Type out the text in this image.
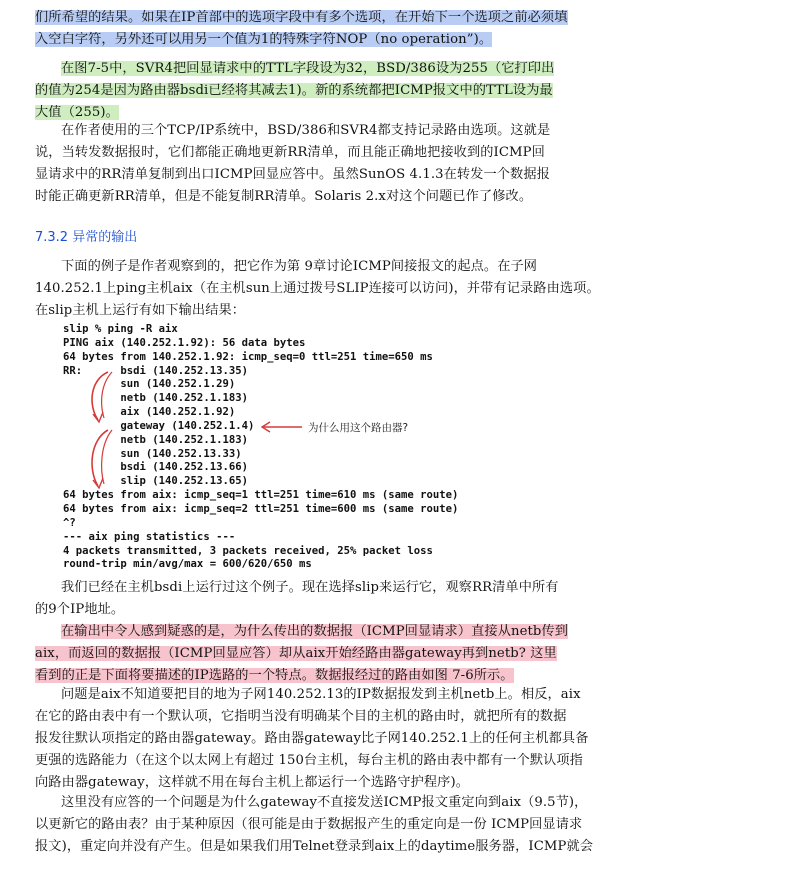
们所希望的结果。如果在IP首部中的选项字段中有多个选项，在开始下一个选项之前必须填
入空白字符，另外还可以用另一个值为1的特殊字符NOP（no operation”)。
在图7-5中，SVR4把回显请求中的TTL字段设为32，BSD/386设为255（它打印出
的值为254是因为路由器bsdi已经将其减去1)。新的系统都把ICMP报文中的TTL设为最
大值（255)。
在作者使用的三个TCP/IP系统中，BSD/386和SVR4都支持记录路由选项。这就是
说，当转发数据报时，它们都能正确地更新RR清单，而且能正确地把接收到的ICMP回
显请求中的RR清单复制到出口ICMP回显应答中。虽然SunOS 4.1.3在转发一个数据报
时能正确更新RR清单，但是不能复制RR清单。Solaris 2.x对这个问题已作了修改。
7.3.2 异常的输出
下面的例子是作者观察到的，把它作为第 9章讨论ICMP间接报文的起点。在子网
140.252.1上ping主机aix（在主机sun上通过拨号SLIP连接可以访问)，并带有记录路由选项。
在slip主机上运行有如下输出结果：
slip % ping -R aix
PING aix (140.252.1.92): 56 data bytes
64 bytes from 140.252.1.92: icmp_seq=0 ttl=251 time=650 ms
RR:      bsdi (140.252.13.35)
sun (140.252.1.29)
netb (140.252.1.183)
aix (140.252.1.92)
gateway (140.252.1.4)
netb (140.252.1.183)
sun (140.252.13.33)
bsdi (140.252.13.66)
slip (140.252.13.65)
64 bytes from aix: icmp_seq=1 ttl=251 time=610 ms (same route)
64 bytes from aix: icmp_seq=2 ttl=251 time=600 ms (same route)
^?
--- aix ping statistics ---
4 packets transmitted, 3 packets received, 25% packet loss
round-trip min/avg/max = 600/620/650 ms
为什么用这个路由器?
我们已经在主机bsdi上运行过这个例子。现在选择slip来运行它，观察RR清单中所有
的9个IP地址。
在输出中令人感到疑惑的是，为什么传出的数据报（ICMP回显请求）直接从netb传到
aix，而返回的数据报（ICMP回显应答）却从aix开始经路由器gateway再到netb? 这里
看到的正是下面将要描述的IP选路的一个特点。数据报经过的路由如图 7-6所示。
问题是aix不知道要把目的地为子网140.252.13的IP数据报发到主机netb上。相反，aix
在它的路由表中有一个默认项，它指明当没有明确某个目的主机的路由时，就把所有的数据
报发往默认项指定的路由器gateway。路由器gateway比子网140.252.1上的任何主机都具备
更强的选路能力（在这个以太网上有超过 150台主机，每台主机的路由表中都有一个默认项指
向路由器gateway，这样就不用在每台主机上都运行一个选路守护程序)。
这里没有应答的一个问题是为什么gateway不直接发送ICMP报文重定向到aix（9.5节)，
以更新它的路由表？由于某种原因（很可能是由于数据报产生的重定向是一份 ICMP回显请求
报文)，重定向并没有产生。但是如果我们用Telnet登录到aix上的daytime服务器，ICMP就会
